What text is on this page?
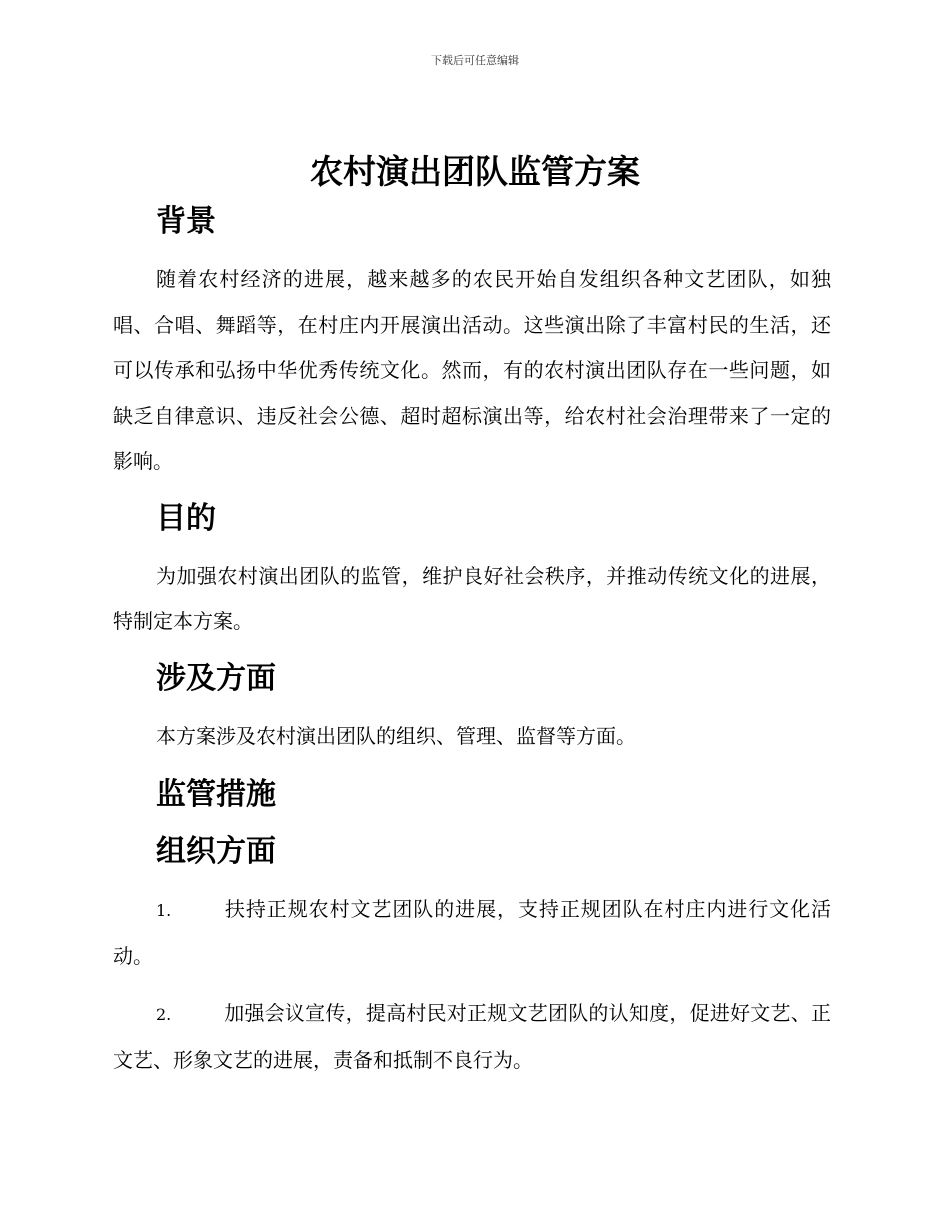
下载后可任意编辑
农村演出团队监管方案
背景

随着农村经济的进展，越来越多的农民开始自发组织各种文艺团队，如独唱、合唱、舞蹈等，在村庄内开展演出活动。这些演出除了丰富村民的生活，还可以传承和弘扬中华优秀传统文化。然而，有的农村演出团队存在一些问题，如缺乏自律意识、违反社会公德、超时超标演出等，给农村社会治理带来了一定的影响。

目的

为加强农村演出团队的监管，维护良好社会秩序，并推动传统文化的进展，特制定本方案。

涉及方面

本方案涉及农村演出团队的组织、管理、监督等方面。

监管措施
组织方面

1.	扶持正规农村文艺团队的进展，支持正规团队在村庄内进行文化活动。

2.	加强会议宣传，提高村民对正规文艺团队的认知度，促进好文艺、正文艺、形象文艺的进展，责备和抵制不良行为。
